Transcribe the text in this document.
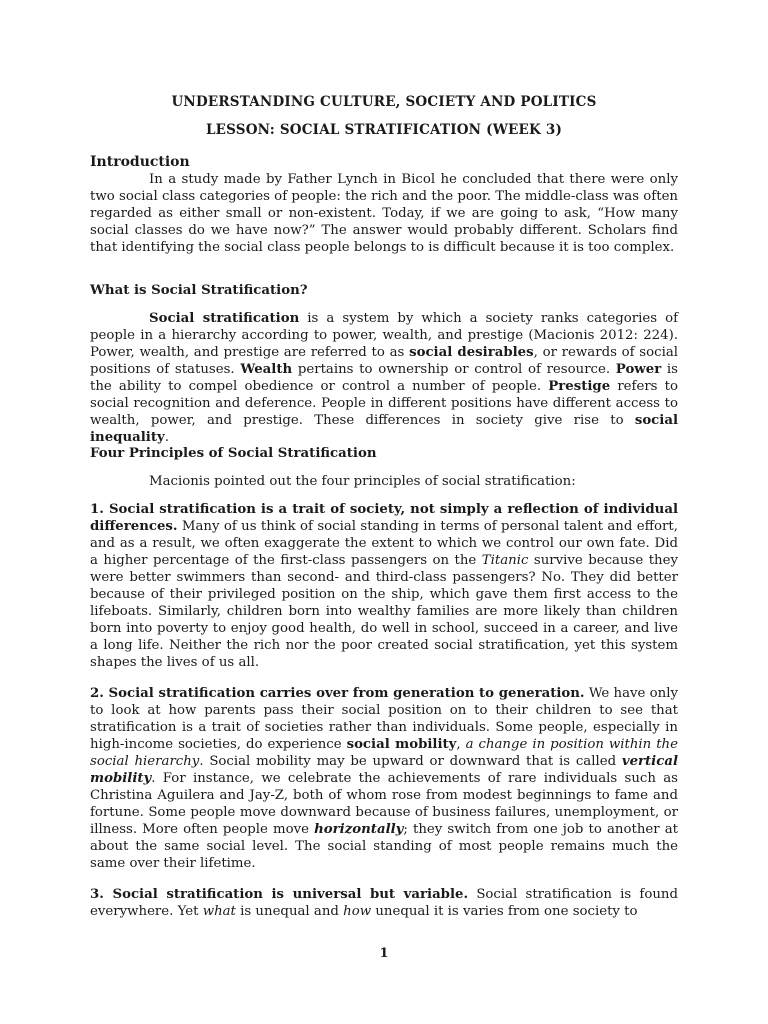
UNDERSTANDING CULTURE, SOCIETY AND POLITICS
LESSON: SOCIAL STRATIFICATION (WEEK 3)

Introduction

In a study made by Father Lynch in Bicol he concluded that there were only two social class categories of people: the rich and the poor. The middle-class was often regarded as either small or non-existent. Today, if we are going to ask, “How many social classes do we have now?” The answer would probably different. Scholars find that identifying the social class people belongs to is difficult because it is too complex.

What is Social Stratification?

Social stratification is a system by which a society ranks categories of people in a hierarchy according to power, wealth, and prestige (Macionis 2012: 224). Power, wealth, and prestige are referred to as social desirables, or rewards of social positions of statuses. Wealth pertains to ownership or control of resource. Power is the ability to compel obedience or control a number of people. Prestige refers to social recognition and deference. People in different positions have different access to wealth, power, and prestige. These differences in society give rise to social inequality.

Four Principles of Social Stratification

Macionis pointed out the four principles of social stratification:

1. Social stratification is a trait of society, not simply a reflection of individual differences. Many of us think of social standing in terms of personal talent and effort, and as a result, we often exaggerate the extent to which we control our own fate. Did a higher percentage of the first-class passengers on the Titanic survive because they were better swimmers than second- and third-class passengers? No. They did better because of their privileged position on the ship, which gave them first access to the lifeboats. Similarly, children born into wealthy families are more likely than children born into poverty to enjoy good health, do well in school, succeed in a career, and live a long life. Neither the rich nor the poor created social stratification, yet this system shapes the lives of us all.

2. Social stratification carries over from generation to generation. We have only to look at how parents pass their social position on to their children to see that stratification is a trait of societies rather than individuals. Some people, especially in high-income societies, do experience social mobility, a change in position within the social hierarchy. Social mobility may be upward or downward that is called vertical mobility. For instance, we celebrate the achievements of rare individuals such as Christina Aguilera and Jay-Z, both of whom rose from modest beginnings to fame and fortune. Some people move downward because of business failures, unemployment, or illness. More often people move horizontally; they switch from one job to another at about the same social level. The social standing of most people remains much the same over their lifetime.

3. Social stratification is universal but variable. Social stratification is found everywhere. Yet what is unequal and how unequal it is varies from one society to

1
